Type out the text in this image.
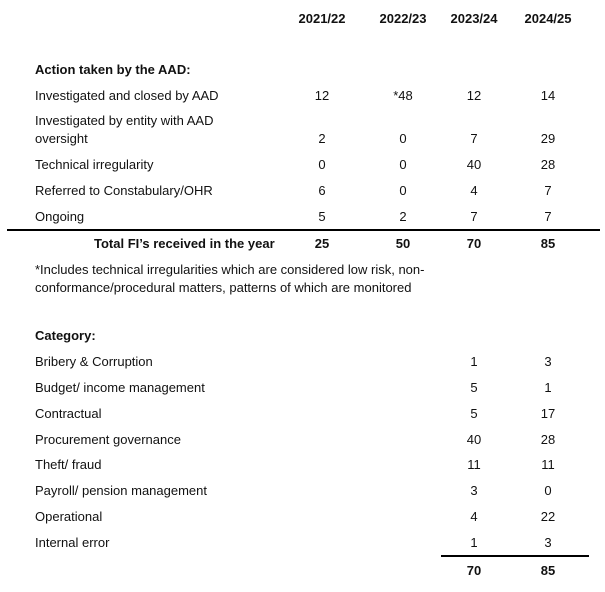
2021/22	2022/23	2023/24	2024/25
Action taken by the AAD:
Investigated and closed by AAD	12	*48	12	14
Investigated by entity with AAD
oversight	2	0	7	29
Technical irregularity	0	0	40	28
Referred to Constabulary/OHR	6	0	4	7
Ongoing	5	2	7	7
Total FI’s received in the year	25	50	70	85
*Includes technical irregularities which are considered low risk, non-
conformance/procedural matters, patterns of which are monitored
Category:
Bribery & Corruption	1	3
Budget/ income management	5	1
Contractual	5	17
Procurement governance	40	28
Theft/ fraud	11	11
Payroll/ pension management	3	0
Operational	4	22
Internal error	1	3
70	85
